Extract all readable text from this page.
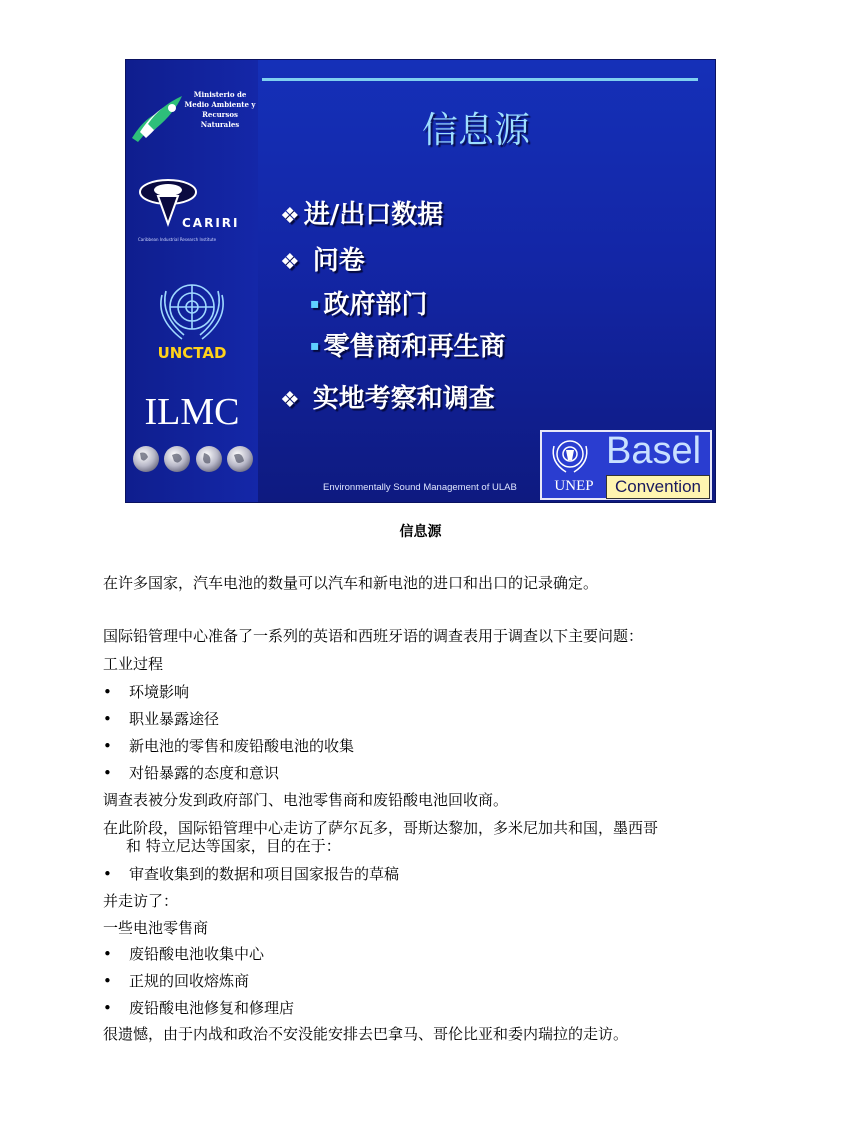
Ministerio de
Medio Ambiente y
Recursos Naturales
CARIRI
Caribbean Industrial Research Institute
UNCTAD
ILMC
信息源
❖ 进/出口数据
❖ 问卷
▪ 政府部门
▪ 零售商和再生商
❖ 实地考察和调查
Environmentally Sound Management of ULAB	UNEP
Basel
Convention
信息源
在许多国家，汽车电池的数量可以汽车和新电池的进口和出口的记录确定。
国际铅管理中心准备了一系列的英语和西班牙语的调查表用于调查以下主要问题：
工业过程
• 环境影响
• 职业暴露途径
• 新电池的零售和废铅酸电池的收集
• 对铅暴露的态度和意识
调查表被分发到政府部门、电池零售商和废铅酸电池回收商。
在此阶段，国际铅管理中心走访了萨尔瓦多，哥斯达黎加，多米尼加共和国，墨西哥
和 特立尼达等国家，目的在于：
• 审查收集到的数据和项目国家报告的草稿
并走访了：
一些电池零售商
• 废铅酸电池收集中心
• 正规的回收熔炼商
• 废铅酸电池修复和修理店
很遗憾，由于内战和政治不安没能安排去巴拿马、哥伦比亚和委内瑞拉的走访。
